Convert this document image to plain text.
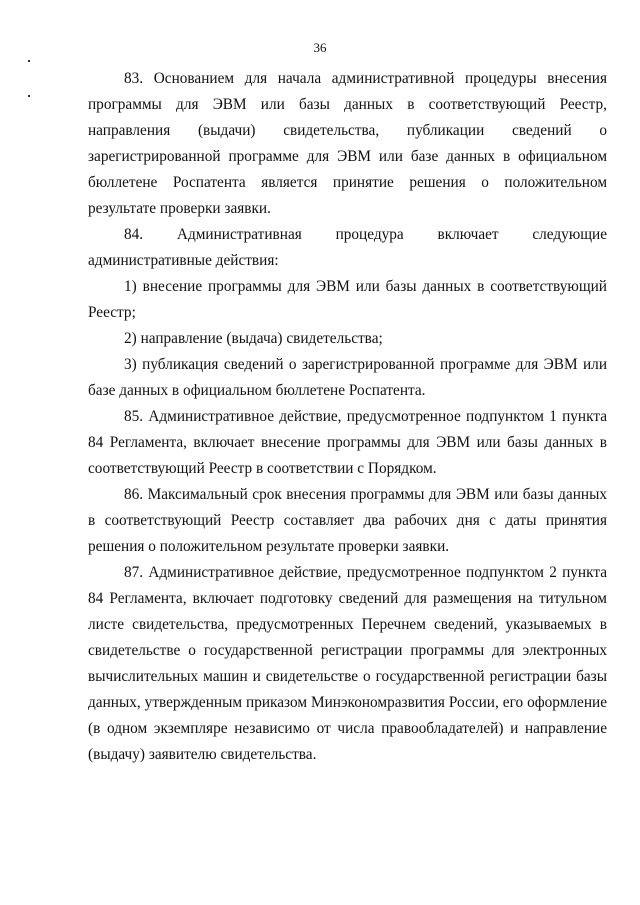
36

83. Основанием для начала административной процедуры внесения программы для ЭВМ или базы данных в соответствующий Реестр, направления (выдачи) свидетельства, публикации сведений о зарегистрированной программе для ЭВМ или базе данных в официальном бюллетене Роспатента является принятие решения о положительном результате проверки заявки.

84. Административная процедура включает следующие административные действия:

1) внесение программы для ЭВМ или базы данных в соответствующий Реестр;

2) направление (выдача) свидетельства;

3) публикация сведений о зарегистрированной программе для ЭВМ или базе данных в официальном бюллетене Роспатента.

85. Административное действие, предусмотренное подпунктом 1 пункта 84 Регламента, включает внесение программы для ЭВМ или базы данных в соответствующий Реестр в соответствии с Порядком.

86. Максимальный срок внесения программы для ЭВМ или базы данных в соответствующий Реестр составляет два рабочих дня с даты принятия решения о положительном результате проверки заявки.

87. Административное действие, предусмотренное подпунктом 2 пункта 84 Регламента, включает подготовку сведений для размещения на титульном листе свидетельства, предусмотренных Перечнем сведений, указываемых в свидетельстве о государственной регистрации программы для электронных вычислительных машин и свидетельстве о государственной регистрации базы данных, утвержденным приказом Минэкономразвития России, его оформление (в одном экземпляре независимо от числа правообладателей) и направление (выдачу) заявителю свидетельства.
